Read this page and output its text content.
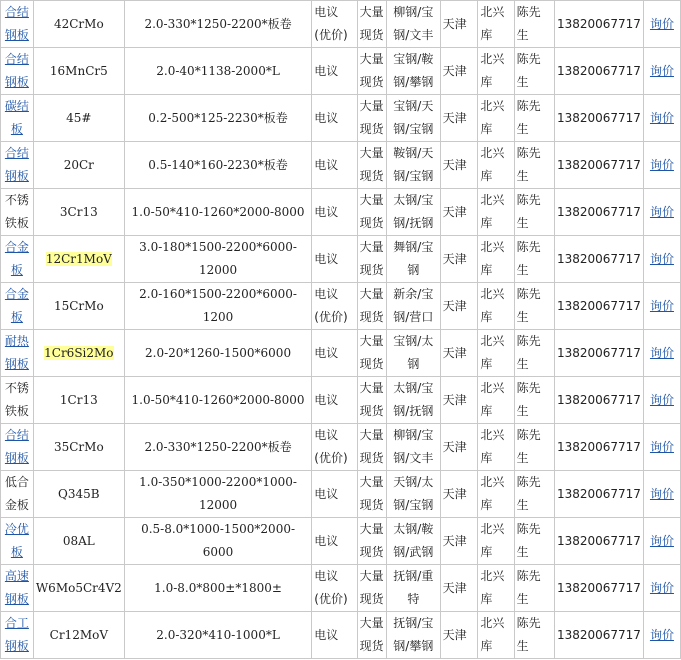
合结钢板	42CrMo	2.0-330*1250-2200*板卷	电议(优价)	大量现货	柳钢/宝钢/文丰	天津	北兴库	陈先生	13820067717	询价
合结钢板	16MnCr5	2.0-40*1138-2000*L	电议	大量现货	宝钢/鞍钢/攀钢	天津	北兴库	陈先生	13820067717	询价
碳结板	45#	0.2-500*125-2230*板卷	电议	大量现货	宝钢/天钢/宝钢	天津	北兴库	陈先生	13820067717	询价
合结钢板	20Cr	0.5-140*160-2230*板卷	电议	大量现货	鞍钢/天钢/宝钢	天津	北兴库	陈先生	13820067717	询价
不锈铁板	3Cr13	1.0-50*410-1260*2000-8000	电议	大量现货	太钢/宝钢/抚钢	天津	北兴库	陈先生	13820067717	询价
合金板	12Cr1MoV	3.0-180*1500-2200*6000-12000	电议	大量现货	舞钢/宝钢	天津	北兴库	陈先生	13820067717	询价
合金板	15CrMo	2.0-160*1500-2200*6000-1200	电议(优价)	大量现货	新余/宝钢/营口	天津	北兴库	陈先生	13820067717	询价
耐热钢板	1Cr6Si2Mo	2.0-20*1260-1500*6000	电议	大量现货	宝钢/太钢	天津	北兴库	陈先生	13820067717	询价
不锈铁板	1Cr13	1.0-50*410-1260*2000-8000	电议	大量现货	太钢/宝钢/抚钢	天津	北兴库	陈先生	13820067717	询价
合结钢板	35CrMo	2.0-330*1250-2200*板卷	电议(优价)	大量现货	柳钢/宝钢/文丰	天津	北兴库	陈先生	13820067717	询价
低合金板	Q345B	1.0-350*1000-2200*1000-12000	电议	大量现货	天钢/太钢/宝钢	天津	北兴库	陈先生	13820067717	询价
冷优板	08AL	0.5-8.0*1000-1500*2000-6000	电议	大量现货	太钢/鞍钢/武钢	天津	北兴库	陈先生	13820067717	询价
高速钢板	W6Mo5Cr4V2	1.0-8.0*800±*1800±	电议(优价)	大量现货	抚钢/重特	天津	北兴库	陈先生	13820067717	询价
合工钢板	Cr12MoV	2.0-320*410-1000*L	电议	大量现货	抚钢/宝钢/攀钢	天津	北兴库	陈先生	13820067717	询价
